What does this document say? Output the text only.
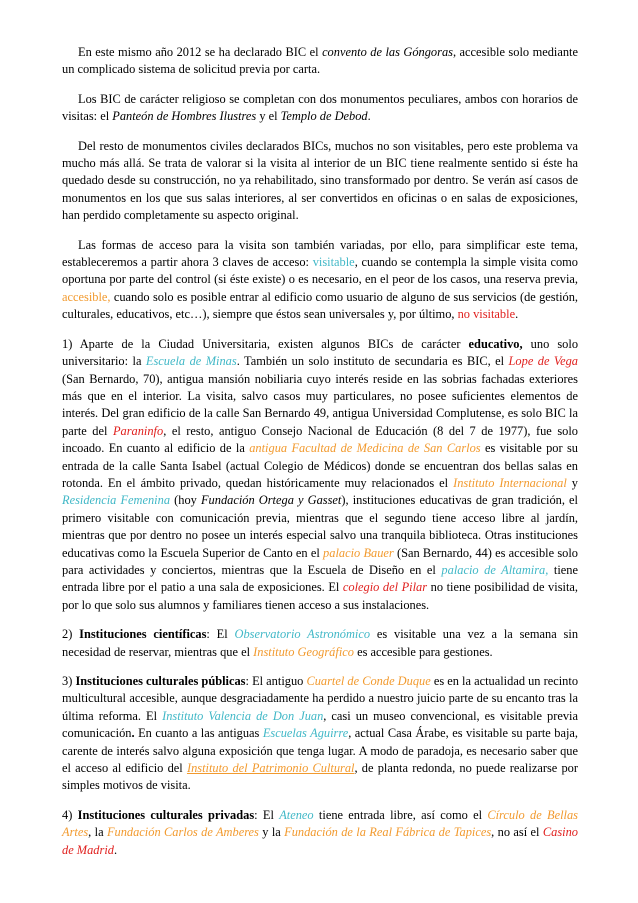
En este mismo año 2012 se ha declarado BIC el convento de las Góngoras, accesible solo mediante un complicado sistema de solicitud previa por carta.

Los BIC de carácter religioso se completan con dos monumentos peculiares, ambos con horarios de visitas: el Panteón de Hombres Ilustres y el Templo de Debod.

Del resto de monumentos civiles declarados BICs, muchos no son visitables, pero este problema va mucho más allá. Se trata de valorar si la visita al interior de un BIC tiene realmente sentido si éste ha quedado desde su construcción, no ya rehabilitado, sino transformado por dentro. Se verán así casos de monumentos en los que sus salas interiores, al ser convertidos en oficinas o en salas de exposiciones, han perdido completamente su aspecto original.

Las formas de acceso para la visita son también variadas, por ello, para simplificar este tema, estableceremos a partir ahora 3 claves de acceso: visitable, cuando se contempla la simple visita como oportuna por parte del control (si éste existe) o es necesario, en el peor de los casos, una reserva previa, accesible, cuando solo es posible entrar al edificio como usuario de alguno de sus servicios (de gestión, culturales, educativos, etc…), siempre que éstos sean universales y, por último, no visitable.

1) Aparte de la Ciudad Universitaria, existen algunos BICs de carácter educativo, uno solo universitario: la Escuela de Minas. También un solo instituto de secundaria es BIC, el Lope de Vega (San Bernardo, 70), antigua mansión nobiliaria cuyo interés reside en las sobrias fachadas exteriores más que en el interior. La visita, salvo casos muy particulares, no posee suficientes elementos de interés. Del gran edificio de la calle San Bernardo 49, antigua Universidad Complutense, es solo BIC la parte del Paraninfo, el resto, antiguo Consejo Nacional de Educación (8 del 7 de 1977), fue solo incoado. En cuanto al edificio de la antigua Facultad de Medicina de San Carlos es visitable por su entrada de la calle Santa Isabel (actual Colegio de Médicos) donde se encuentran dos bellas salas en rotonda. En el ámbito privado, quedan históricamente muy relacionados el Instituto Internacional y Residencia Femenina (hoy Fundación Ortega y Gasset), instituciones educativas de gran tradición, el primero visitable con comunicación previa, mientras que el segundo tiene acceso libre al jardín, mientras que por dentro no posee un interés especial salvo una tranquila biblioteca. Otras instituciones educativas como la Escuela Superior de Canto en el palacio Bauer (San Bernardo, 44) es accesible solo para actividades y conciertos, mientras que la Escuela de Diseño en el palacio de Altamira, tiene entrada libre por el patio a una sala de exposiciones. El colegio del Pilar no tiene posibilidad de visita, por lo que solo sus alumnos y familiares tienen acceso a sus instalaciones.

2) Instituciones científicas: El Observatorio Astronómico es visitable una vez a la semana sin necesidad de reservar, mientras que el Instituto Geográfico es accesible para gestiones.

3) Instituciones culturales públicas: El antiguo Cuartel de Conde Duque es en la actualidad un recinto multicultural accesible, aunque desgraciadamente ha perdido a nuestro juicio parte de su encanto tras la última reforma. El Instituto Valencia de Don Juan, casi un museo convencional, es visitable previa comunicación. En cuanto a las antiguas Escuelas Aguirre, actual Casa Árabe, es visitable su parte baja, carente de interés salvo alguna exposición que tenga lugar. A modo de paradoja, es necesario saber que el acceso al edificio del Instituto del Patrimonio Cultural, de planta redonda, no puede realizarse por simples motivos de visita.

4) Instituciones culturales privadas: El Ateneo tiene entrada libre, así como el Círculo de Bellas Artes, la Fundación Carlos de Amberes y la Fundación de la Real Fábrica de Tapices, no así el Casino de Madrid.
